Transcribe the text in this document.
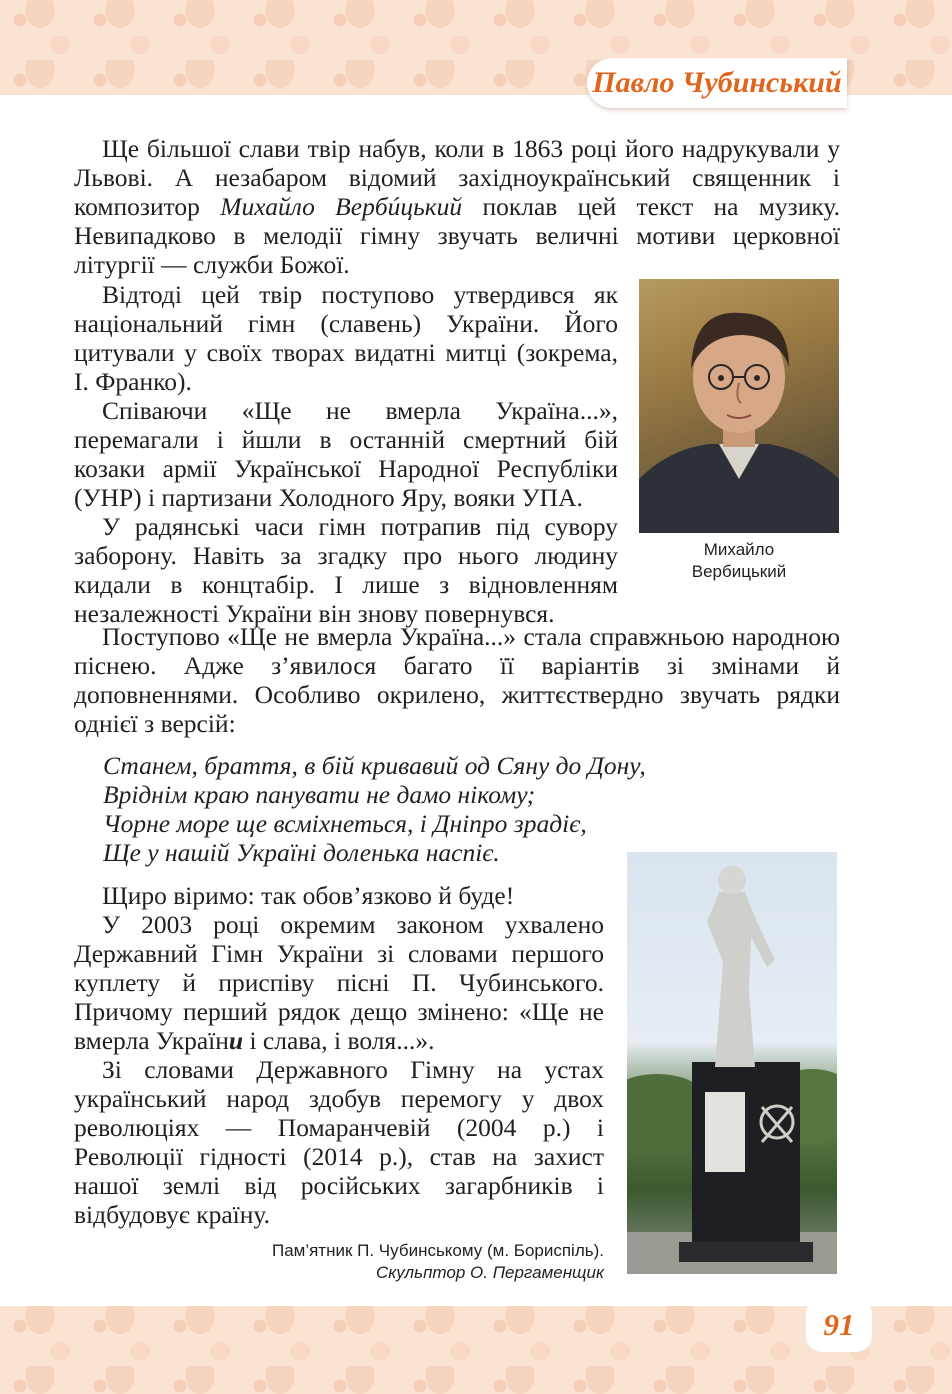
Павло Чубинський

Ще більшої слави твір набув, коли в 1863 році його надрукували у Львові. А незабаром відомий західноукраїнський священник і композитор Михайло Вербúцький поклав цей текст на музику. Невипадково в мелодії гімну звучать величні мотиви церковної літургії — служби Божої.

Відтоді цей твір поступово утвердився як національний гімн (славень) України. Його цитували у своїх творах видатні митці (зокрема, І. Франко).

Співаючи «Ще не вмерла Україна...», перемагали і йшли в останній смертний бій козаки армії Української Народної Республіки (УНР) і партизани Холодного Яру, вояки УПА.

У радянські часи гімн потрапив під сувору заборону. Навіть за згадку про нього людину кидали в концтабір. І лише з відновленням незалежності України він знову повернувся.

Михайло
Вербицький

Поступово «Ще не вмерла Україна...» стала справжньою народною піснею. Адже з’явилося багато її варіантів зі змінами й доповненнями. Особливо окрилено, життєствердно звучать рядки однієї з версій:

Станем, браття, в бій кривавий од Сяну до Дону,
Вріднім краю панувати не дамо нікому;
Чорне море ще всміхнеться, і Дніпро зрадіє,
Ще у нашій Україні доленька наспіє.

Щиро віримо: так обов’язково й буде!

У 2003 році окремим законом ухвалено Державний Гімн України зі словами першого куплету й приспіву пісні П. Чубинського. Причому перший рядок дещо змінено: «Ще не вмерла України і слава, і воля...».

Зі словами Державного Гімну на устах український народ здобув перемогу у двох революціях — Помаранчевій (2004 р.) і Революції гідності (2014 р.), став на захист нашої землі від російських загарбників і відбудовує країну.

Пам’ятник П. Чубинському (м. Бориспіль).
Скульптор О. Пергаменщик
91
